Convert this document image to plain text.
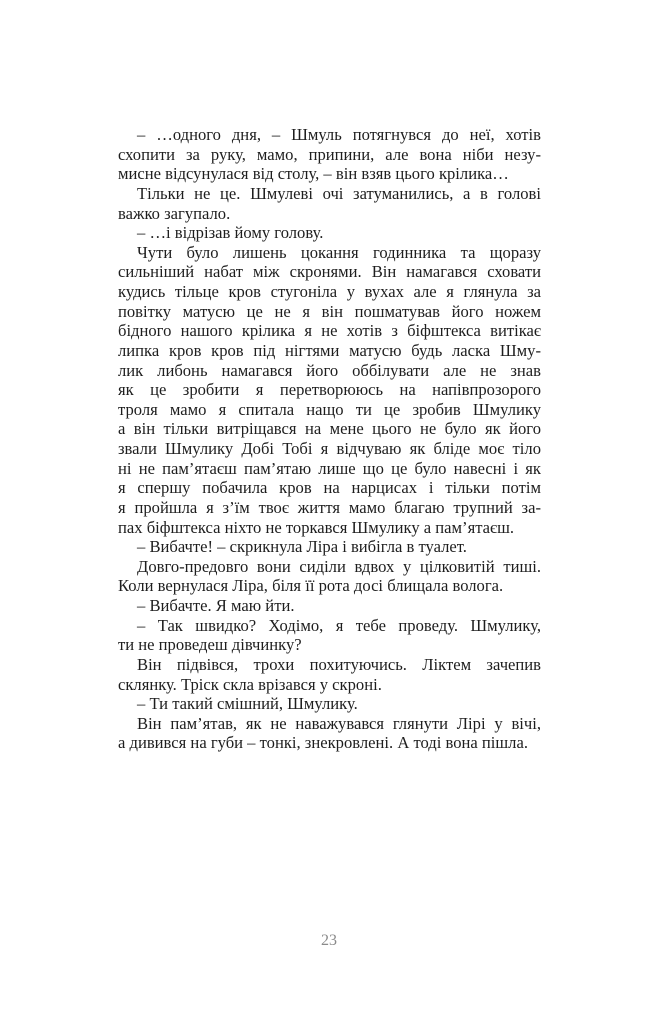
– …одного дня, – Шмуль потягнувся до неї, хотів
схопити за руку, мамо, припини, але вона ніби незу-
мисне відсунулася від столу, – він взяв цього крілика…
Тільки не це. Шмулеві очі затуманились, а в голові
важко загупало.
– …і відрізав йому голову.
Чути було лишень цокання годинника та щоразу
сильніший набат між скронями. Він намагався сховати
кудись тільце кров стугоніла у вухах але я глянула за
повітку матусю це не я він пошматував його ножем
бідного нашого крілика я не хотів з біфштекса витікає
липка кров кров під нігтями матусю будь ласка Шму-
лик либонь намагався його оббілувати але не знав
як це зробити я перетворююсь на напівпрозорого
троля мамо я спитала нащо ти це зробив Шмулику
а він тільки витріщався на мене цього не було як його
звали Шмулику Добі Тобі я відчуваю як бліде моє тіло
ні не пам’ятаєш пам’ятаю лише що це було навесні і як
я спершу побачила кров на нарцисах і тільки потім
я пройшла я з’їм твоє життя мамо благаю трупний за-
пах біфштекса ніхто не торкався Шмулику а пам’ятаєш.
– Вибачте! – скрикнула Ліра і вибігла в туалет.
Довго-предовго вони сиділи вдвох у цілковитій тиші.
Коли вернулася Ліра, біля її рота досі блищала волога.
– Вибачте. Я маю йти.
– Так швидко? Ходімо, я тебе проведу. Шмулику,
ти не проведеш дівчинку?
Він підвівся, трохи похитуючись. Ліктем зачепив
склянку. Тріск скла врізався у скроні.
– Ти такий смішний, Шмулику.
Він пам’ятав, як не наважувався глянути Лірі у вічі,
а дивився на губи – тонкі, знекровлені. А тоді вона пішла.
23
